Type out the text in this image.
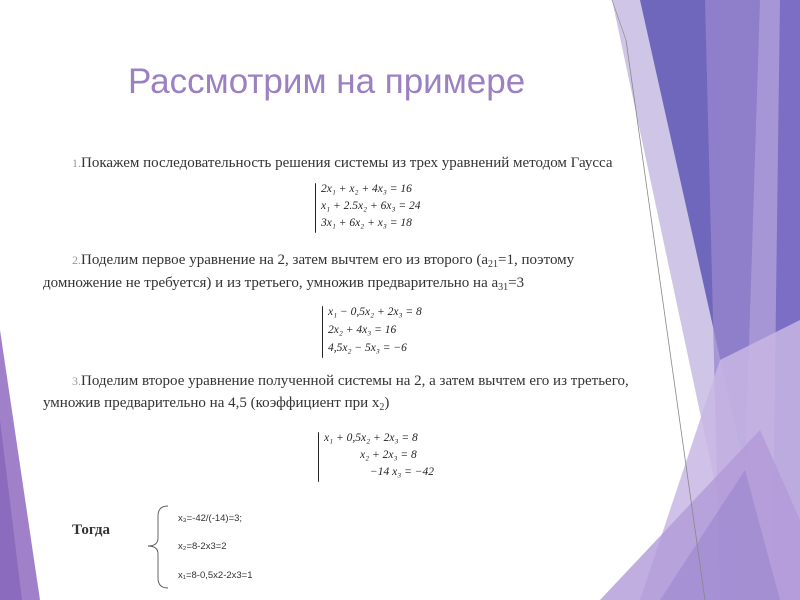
Рассмотрим на примере
1.Покажем последовательность решения системы из трех уравнений методом Гаусса
2x₁ + x₂ + 4x₃ = 16
x₁ + 2.5x₂ + 6x₃ = 24
3x₁ + 6x₂ + x₃ = 18
2.Поделим первое уравнение на 2, затем вычтем его из второго ($а_{21}=1$, поэтому
домножение не требуется) и из третьего, умножив предварительно на $а_{31}=3$
x₁ − 0,5x₂ + 2x₃ = 8
2x₂ + 4x₃ = 16
4,5x₂ − 5x₃ = −6
3.Поделим второе уравнение полученной системы на 2, а затем вычтем его из третьего,
умножив предварительно на 4,5 (коэффициент при $х_2$)
x₁ + 0,5x₂ + 2x₃ = 8
x₂ + 2x₃ = 8
−14 x₃ = −42
Тогда
x₃=-42/(-14)=3;
x₂=8-2x3=2
x₁=8-0,5x2-2x3=1
